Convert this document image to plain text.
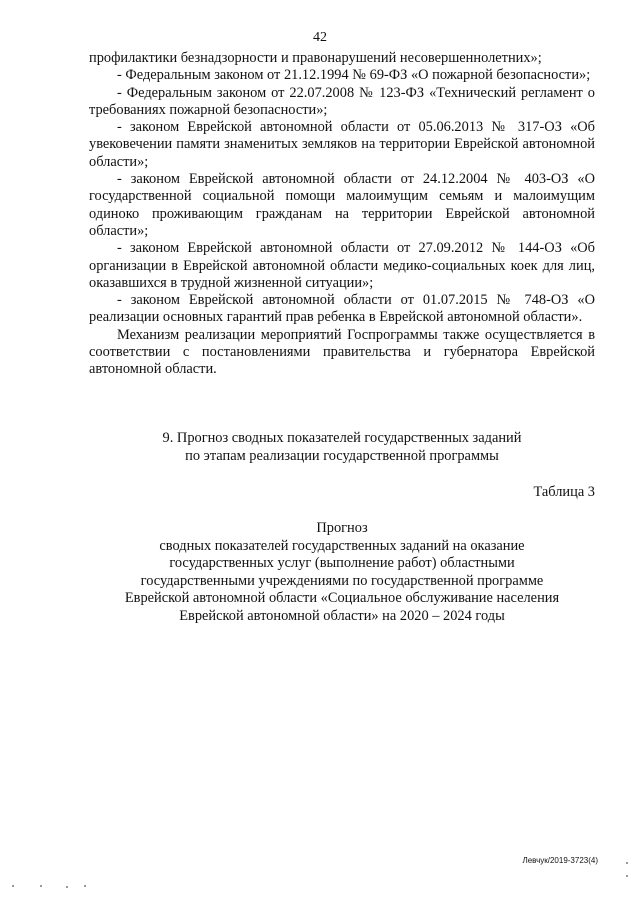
42

профилактики безнадзорности и правонарушений несовершеннолетних»;

- Федеральным законом от 21.12.1994 № 69-ФЗ «О пожарной безопасности»;

- Федеральным законом от 22.07.2008 № 123-ФЗ «Технический регламент о требованиях пожарной безопасности»;

- законом Еврейской автономной области от 05.06.2013 № 317-ОЗ «Об увековечении памяти знаменитых земляков на территории Еврейской автономной области»;

- законом Еврейской автономной области от 24.12.2004 № 403-ОЗ «О государственной социальной помощи малоимущим семьям и малоимущим одиноко проживающим гражданам на территории Еврейской автономной области»;

- законом Еврейской автономной области от 27.09.2012 № 144-ОЗ «Об организации в Еврейской автономной области медико-социальных коек для лиц, оказавшихся в трудной жизненной ситуации»;

- законом Еврейской автономной области от 01.07.2015 № 748-ОЗ «О реализации основных гарантий прав ребенка в Еврейской автономной области».

Механизм реализации мероприятий Госпрограммы также осуществляется в соответствии с постановлениями правительства и губернатора Еврейской автономной области.

9. Прогноз сводных показателей государственных заданий
по этапам реализации государственной программы
Таблица 3
Прогноз
сводных показателей государственных заданий на оказание
государственных услуг (выполнение работ) областными
государственными учреждениями по государственной программе
Еврейской автономной области «Социальное обслуживание населения
Еврейской автономной области» на 2020 – 2024 годы
Левчук/2019-3723(4)
